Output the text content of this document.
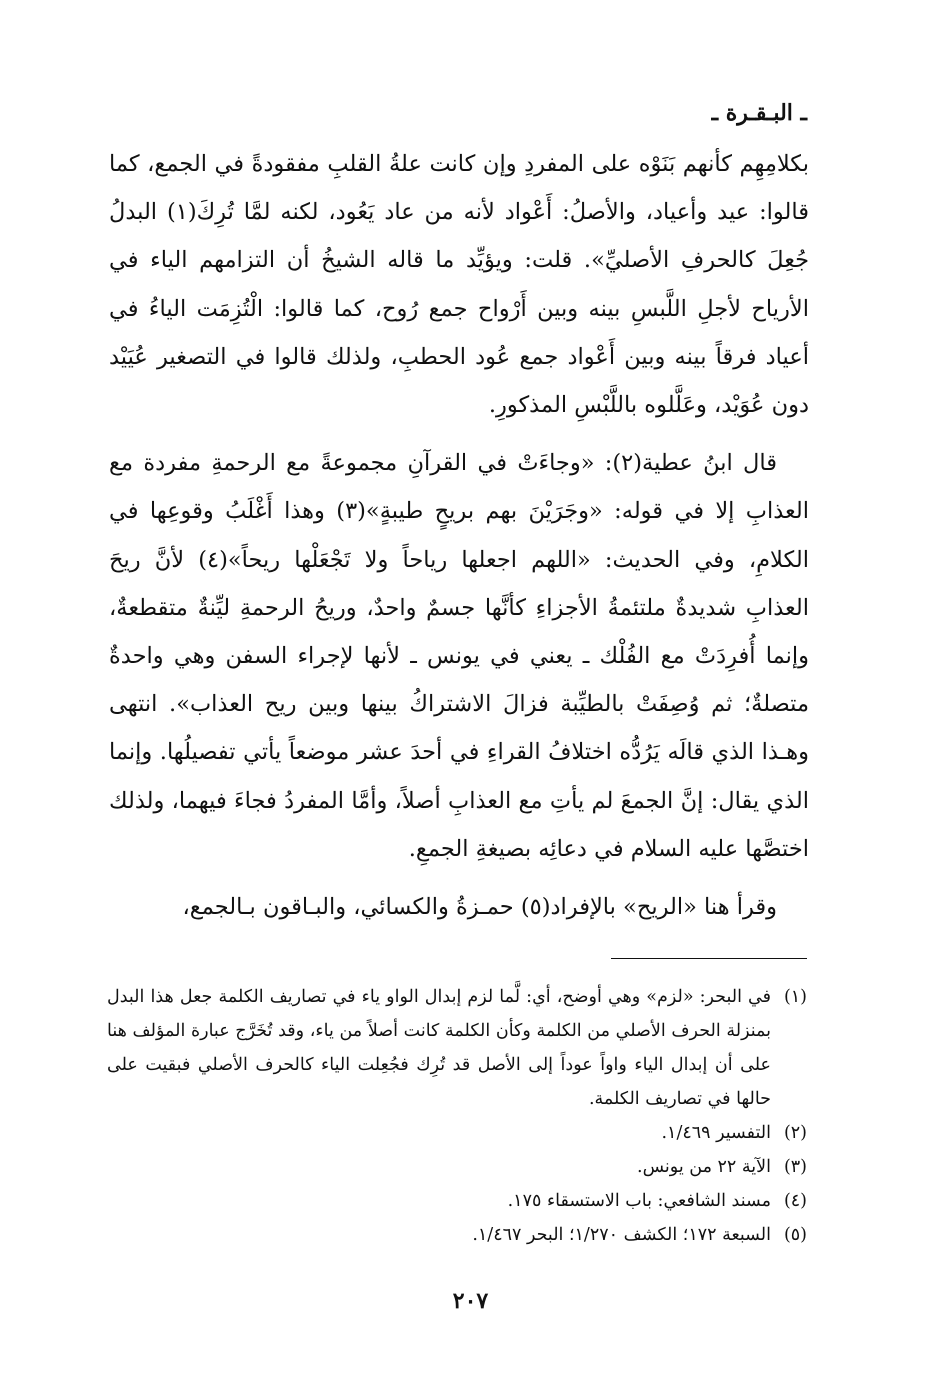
ـ البـقـرة ـ

بكلامِهِم كأنهم بَنَوْه على المفردِ وإن كانت علةُ القلبِ مفقودةً في الجمع، كما قالوا: عيد وأعياد، والأصلُ: أَعْواد لأنه من عاد يَعُود، لكنه لمَّا تُرِكَ(١) البدلُ جُعِلَ كالحرفِ الأصليِّ». قلت: ويؤيِّد ما قاله الشيخُ أن التزامهم الياء في الأرياح لأجلِ اللَّبسِ بينه وبين أَرْواح جمع رُوح، كما قالوا: الْتُزِمَت الياءُ في أعياد فرقاً بينه وبين أَعْواد جمع عُود الحطبِ، ولذلك قالوا في التصغير عُيَيْد دون عُوَيْد، وعَلَّلوه باللَّبْسِ المذكورِ.

قال ابنُ عطية(٢): «وجاءَتْ في القرآنِ مجموعةً مع الرحمةِ مفردة مع العذابِ إلا في قوله: «وجَرَيْنَ بهم بريحٍ طيبةٍ»(٣) وهذا أَغْلَبُ وقوعِها في الكلامِ، وفي الحديث: «اللهم اجعلها رياحاً ولا تَجْعَلْها ريحاً»(٤) لأنَّ ريحَ العذابِ شديدةٌ ملتئمةُ الأجزاءِ كأنَّها جسمٌ واحدٌ، وريحُ الرحمةِ ليِّنةٌ متقطعةٌ، وإنما أُفرِدَتْ مع الفُلْك ـ يعني في يونس ـ لأنها لإجراء السفن وهي واحدةٌ متصلةٌ؛ ثم وُصِفَتْ بالطيِّبة فزالَ الاشتراكُ بينها وبين ريح العذاب». انتهى وهـذا الذي قالَه يَرُدُّه اختلافُ القراءِ في أحدَ عشر موضعاً يأتي تفصيلُها. وإنما الذي يقال: إنَّ الجمعَ لم يأتِ مع العذابِ أصلاً، وأمَّا المفردُ فجاءَ فيهما، ولذلك اختصَّها عليه السلام في دعائِه بصيغةِ الجمعِ.

وقرأ هنا «الريح» بالإفراد(٥) حمـزةُ والكسائي، والبـاقون بـالجمع،

(١)
في البحر: «لزم» وهي أوضح، أي: لَّما لزم إبدال الواو ياء في تصاريف الكلمة جعل هذا البدل بمنزلة الحرف الأصلي من الكلمة وكأن الكلمة كانت أصلاً من ياء، وقد تُخَرَّج عبارة المؤلف هنا على أن إبدال الياء واواً عوداً إلى الأصل قد تُرِك فجُعِلت الياء كالحرف الأصلي فبقيت على حالها في تصاريف الكلمة.
(٢)
التفسير ١/٤٦٩.
(٣)
الآية ٢٢ من يونس.
(٤)
مسند الشافعي: باب الاستسقاء ١٧٥.
(٥)
السبعة ١٧٢؛ الكشف ١/٢٧٠؛ البحر ١/٤٦٧.
٢٠٧
